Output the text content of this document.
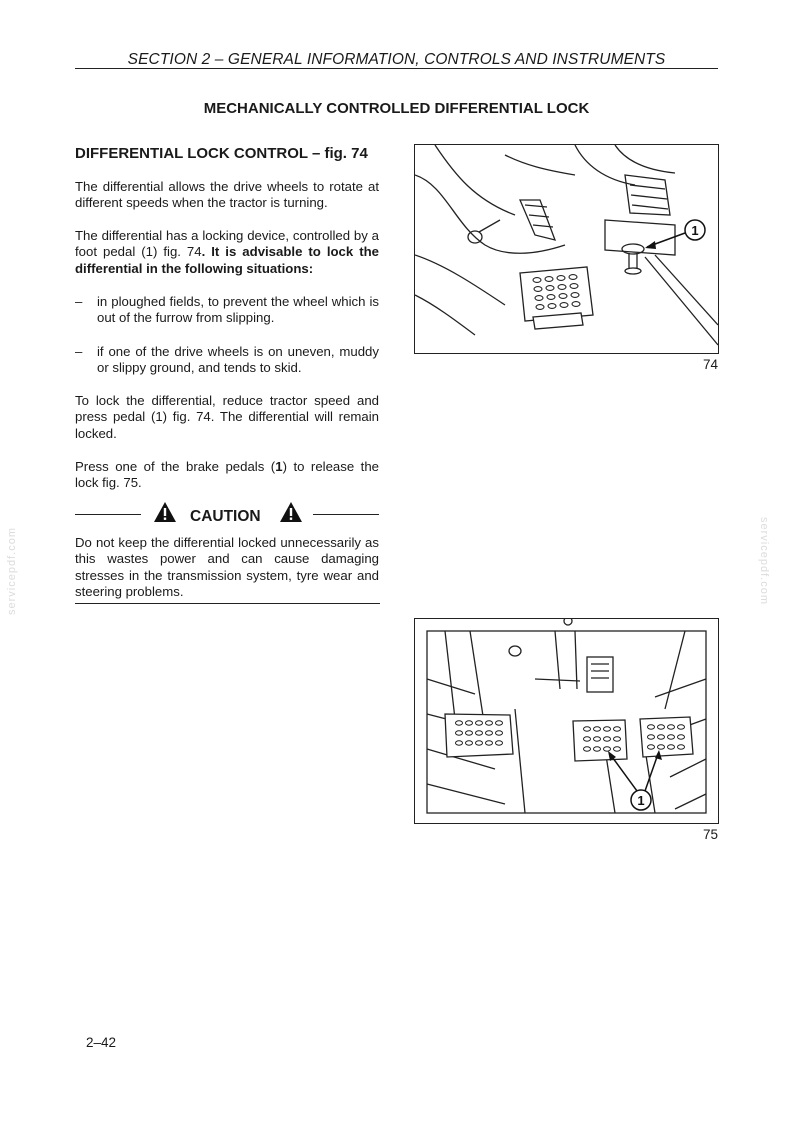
SECTION 2 – GENERAL INFORMATION, CONTROLS AND INSTRUMENTS
MECHANICALLY CONTROLLED DIFFERENTIAL LOCK
DIFFERENTIAL LOCK CONTROL – fig. 74

The differential allows the drive wheels to rotate at different speeds when the tractor is turning.

The differential has a locking device, controlled by a foot pedal (1) fig. 74. It is advisable to lock the differential in the following situations:

– in ploughed fields, to prevent the wheel which is out of the furrow from slipping.
– if one of the drive wheels is on uneven, muddy or slippy ground, and tends to skid.

To lock the differential, reduce tractor speed and press pedal (1) fig. 74. The differential will remain locked.

Press one of the brake pedals (1) to release the lock fig. 75.

CAUTION

Do not keep the differential locked unnecessarily as this wastes power and can cause damaging stresses in the transmission system, tyre wear and steering problems.

1
74
1
75
2–42
servicepdf.com	servicepdf.com
